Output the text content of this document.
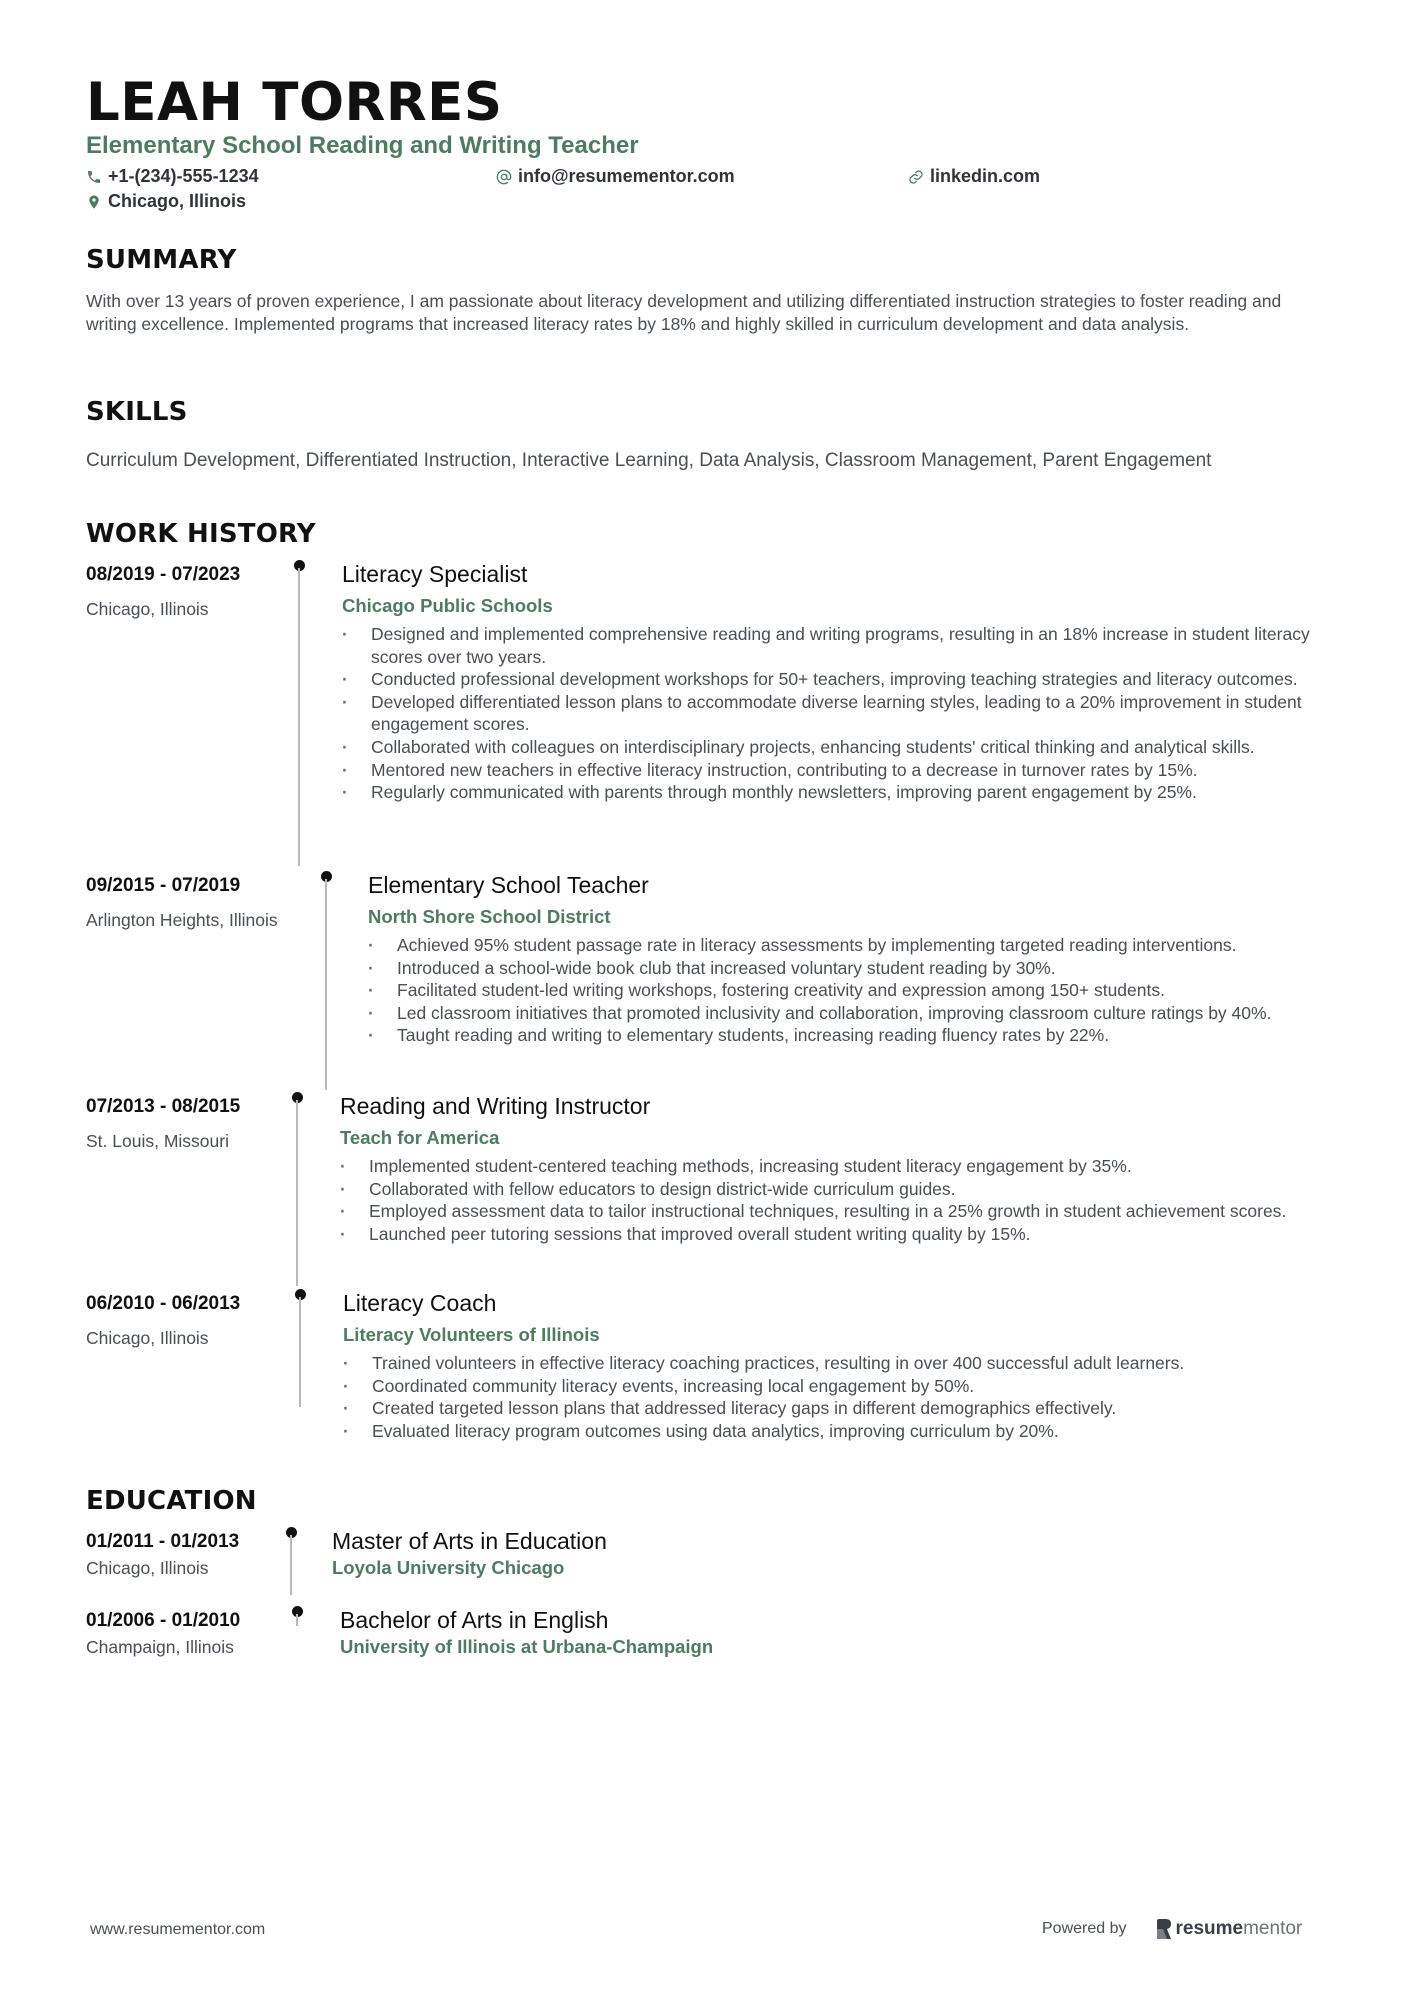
LEAH TORRES
Elementary School Reading and Writing Teacher
+1-(234)-555-1234	info@resumementor.com	linkedin.com
Chicago, Illinois
SUMMARY

With over 13 years of proven experience, I am passionate about literacy development and utilizing differentiated instruction strategies to foster reading and writing excellence. Implemented programs that increased literacy rates by 18% and highly skilled in curriculum development and data analysis.

SKILLS

Curriculum Development, Differentiated Instruction, Interactive Learning, Data Analysis, Classroom Management, Parent Engagement

WORK HISTORY
08/2019 - 07/2023
Chicago, Illinois
Literacy Specialist
Chicago Public Schools
· Designed and implemented comprehensive reading and writing programs, resulting in an 18% increase in student literacy scores over two years.
· Conducted professional development workshops for 50+ teachers, improving teaching strategies and literacy outcomes.
· Developed differentiated lesson plans to accommodate diverse learning styles, leading to a 20% improvement in student engagement scores.
· Collaborated with colleagues on interdisciplinary projects, enhancing students' critical thinking and analytical skills.
· Mentored new teachers in effective literacy instruction, contributing to a decrease in turnover rates by 15%.
· Regularly communicated with parents through monthly newsletters, improving parent engagement by 25%.
09/2015 - 07/2019
Arlington Heights, Illinois
Elementary School Teacher
North Shore School District
· Achieved 95% student passage rate in literacy assessments by implementing targeted reading interventions.
· Introduced a school-wide book club that increased voluntary student reading by 30%.
· Facilitated student-led writing workshops, fostering creativity and expression among 150+ students.
· Led classroom initiatives that promoted inclusivity and collaboration, improving classroom culture ratings by 40%.
· Taught reading and writing to elementary students, increasing reading fluency rates by 22%.
07/2013 - 08/2015
St. Louis, Missouri
Reading and Writing Instructor
Teach for America
· Implemented student-centered teaching methods, increasing student literacy engagement by 35%.
· Collaborated with fellow educators to design district-wide curriculum guides.
· Employed assessment data to tailor instructional techniques, resulting in a 25% growth in student achievement scores.
· Launched peer tutoring sessions that improved overall student writing quality by 15%.
06/2010 - 06/2013
Chicago, Illinois
Literacy Coach
Literacy Volunteers of Illinois
· Trained volunteers in effective literacy coaching practices, resulting in over 400 successful adult learners.
· Coordinated community literacy events, increasing local engagement by 50%.
· Created targeted lesson plans that addressed literacy gaps in different demographics effectively.
· Evaluated literacy program outcomes using data analytics, improving curriculum by 20%.
EDUCATION
01/2011 - 01/2013
Chicago, Illinois
Master of Arts in Education
Loyola University Chicago
01/2006 - 01/2010
Champaign, Illinois
Bachelor of Arts in English
University of Illinois at Urbana-Champaign
www.resumementor.com	Powered by	resume mentor
